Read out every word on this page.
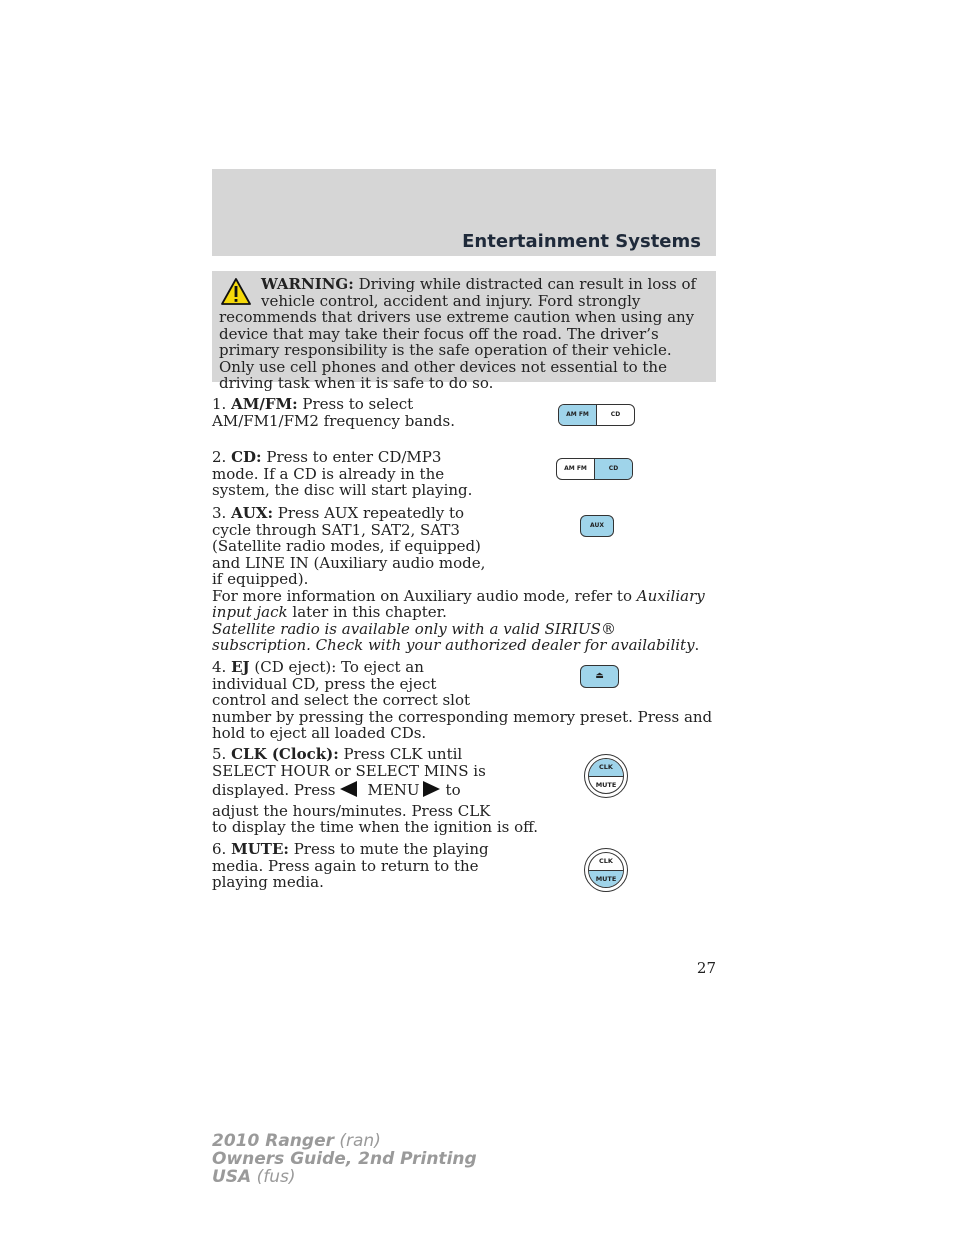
Entertainment Systems
WARNING: Driving while distracted can result in loss of vehicle control, accident and injury. Ford strongly recommends that drivers use extreme caution when using any device that may take their focus off the road. The driver’s primary responsibility is the safe operation of their vehicle. Only use cell phones and other devices not essential to the driving task when it is safe to do so.

1. AM/FM: Press to select

AM/FM1/FM2 frequency bands.	AM FM	CD

2. CD: Press to enter CD/MP3

mode. If a CD is already in the

system, the disc will start playing.

AM FM	CD

3. AUX: Press AUX repeatedly to

cycle through SAT1, SAT2, SAT3

(Satellite radio modes, if equipped)

and LINE IN (Auxiliary audio mode,

if equipped).

For more information on Auxiliary audio mode, refer to Auxiliary input jack later in this chapter.

Satellite radio is available only with a valid SIRIUS® subscription. Check with your authorized dealer for availability.

AUX

4. EJ (CD eject): To eject an

individual CD, press the eject

control and select the correct slot

number by pressing the corresponding memory preset. Press and hold to eject all loaded CDs.

⏏

5. CLK (Clock): Press CLK until

SELECT HOUR or SELECT MINS is

displayed. Press MENU to

adjust the hours/minutes. Press CLK

to display the time when the ignition is off.

CLK
MUTE

6. MUTE: Press to mute the playing

media. Press again to return to the

playing media.

CLK
MUTE
27
2010 Ranger (ran)
Owners Guide, 2nd Printing
USA (fus)
